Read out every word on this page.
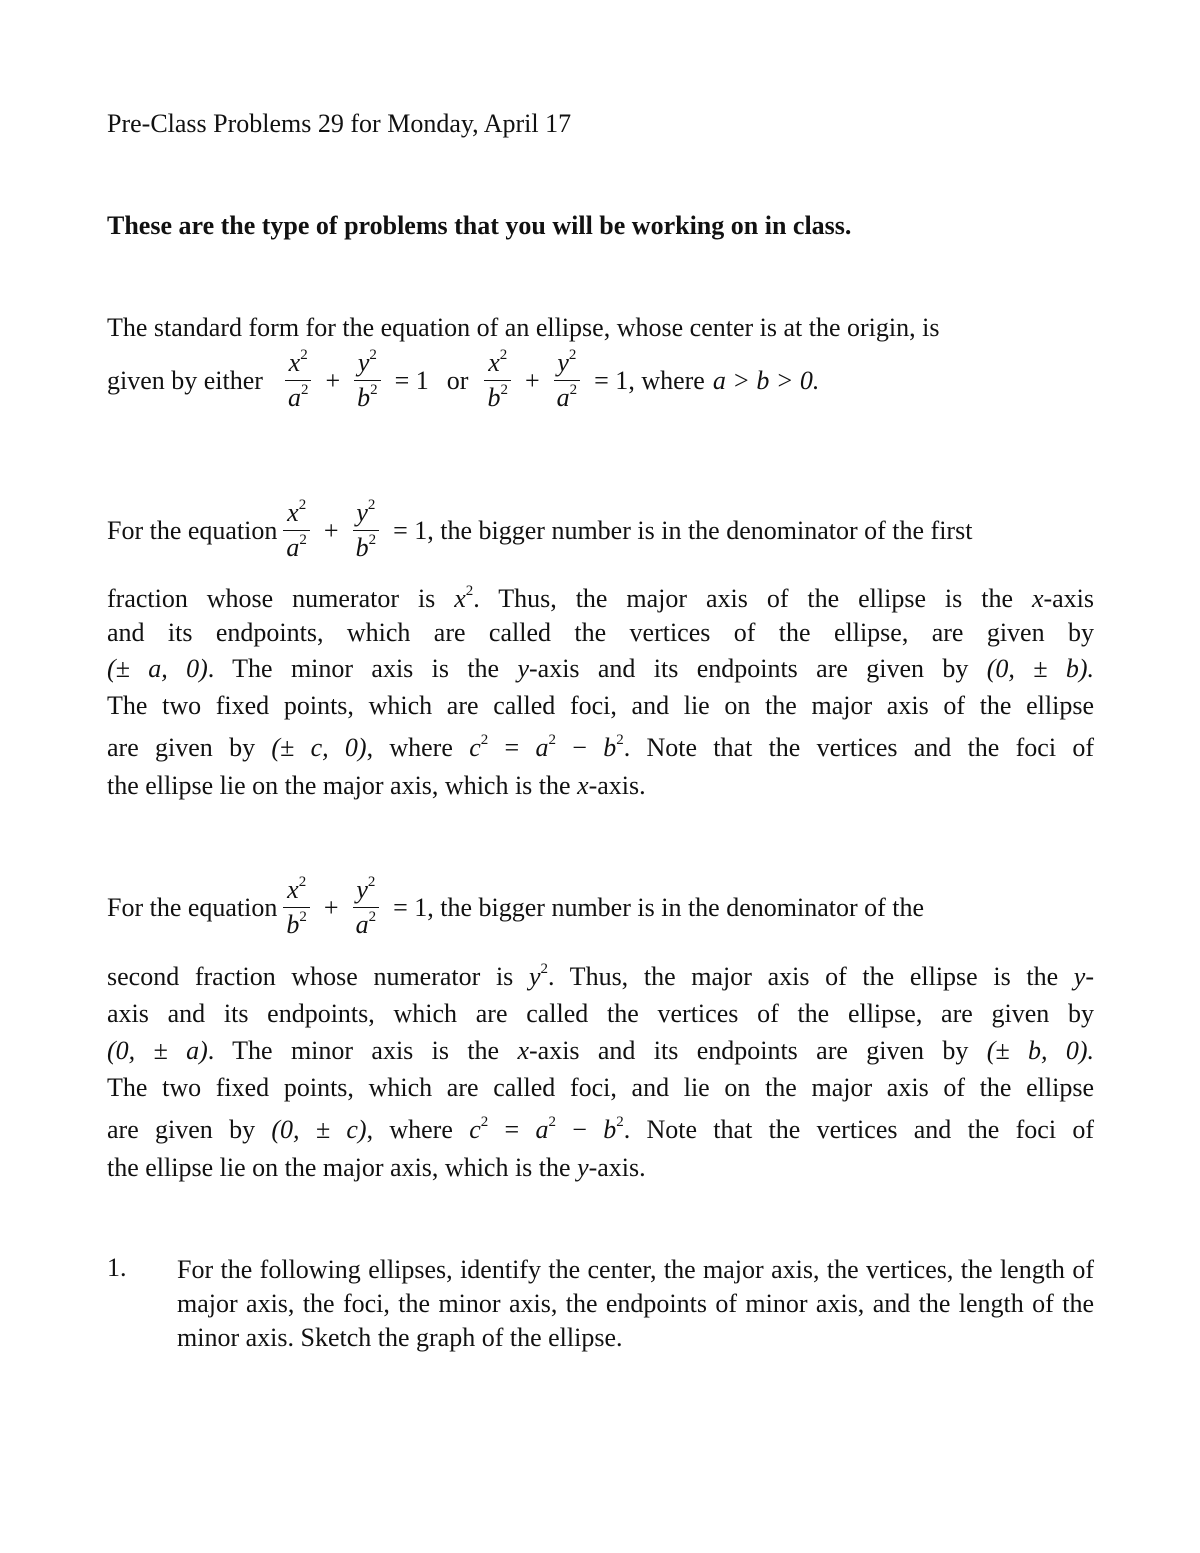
Pre-Class Problems 29 for Monday, April 17
These are the type of problems that you will be working on in class.
The standard form for the equation of an ellipse, whose center is at the origin, is
given by either $\frac{x^2}{a^2} + \frac{y^2}{b^2} = 1$ or $\frac{x^2}{b^2} + \frac{y^2}{a^2} = 1$ , where a > b > 0.
For the equation $\frac{x^2}{a^2} + \frac{y^2}{b^2} = 1$ , the bigger number is in the denominator of the first
fraction whose numerator is $x^2$. Thus, the major axis of the ellipse is the x-axis
and its endpoints, which are called the vertices of the ellipse, are given by
(± a, 0). The minor axis is the y-axis and its endpoints are given by (0, ± b).
The two fixed points, which are called foci, and lie on the major axis of the ellipse
are given by (± c, 0), where $c^2 = a^2 - b^2$. Note that the vertices and the foci of
the ellipse lie on the major axis, which is the x-axis.
For the equation $\frac{x^2}{b^2} + \frac{y^2}{a^2} = 1$ , the bigger number is in the denominator of the
second fraction whose numerator is $y^2$. Thus, the major axis of the ellipse is the y-
axis and its endpoints, which are called the vertices of the ellipse, are given by
(0, ± a). The minor axis is the x-axis and its endpoints are given by (± b, 0).
The two fixed points, which are called foci, and lie on the major axis of the ellipse
are given by (0, ± c), where $c^2 = a^2 - b^2$. Note that the vertices and the foci of
the ellipse lie on the major axis, which is the y-axis.
1. For the following ellipses, identify the center, the major axis, the vertices, the length of major axis, the foci, the minor axis, the endpoints of minor axis, and the length of the minor axis. Sketch the graph of the ellipse.
